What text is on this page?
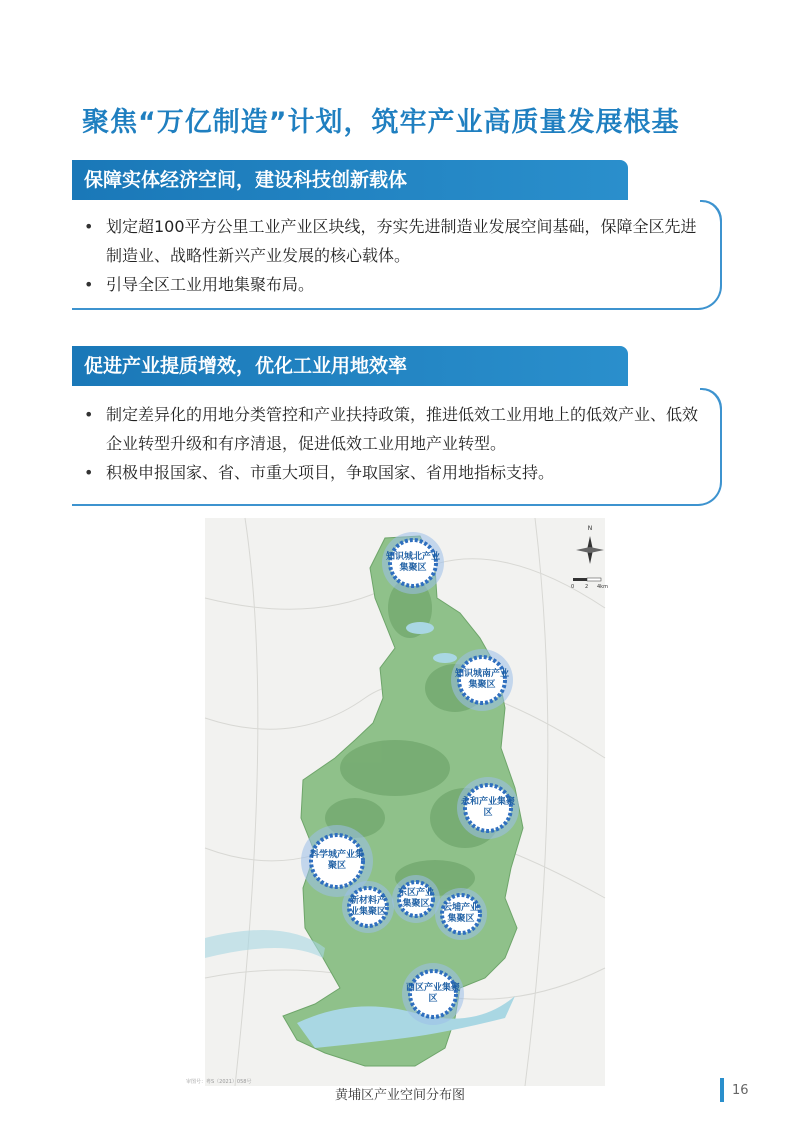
聚焦“万亿制造”计划，筑牢产业高质量发展根基
保障实体经济空间，建设科技创新载体
• 划定超100平方公里工业产业区块线，夯实先进制造业发展空间基础，保障全区先进制造业、战略性新兴产业发展的核心载体。
• 引导全区工业用地集聚布局。
促进产业提质增效，优化工业用地效率
• 制定差异化的用地分类管控和产业扶持政策，推进低效工业用地上的低效产业、低效企业转型升级和有序清退，促进低效工业用地产业转型。
• 积极申报国家、省、市重大项目，争取国家、省用地指标支持。
N
0 2 4km
知识城北产业集聚区
知识城南产业集聚区
永和产业集聚区
科学城产业集聚区
新材料产业集聚区
东区产业集聚区	云埔产业集聚区
西区产业集聚区
审图号：粤S（2021）058号
黄埔区产业空间分布图	16
